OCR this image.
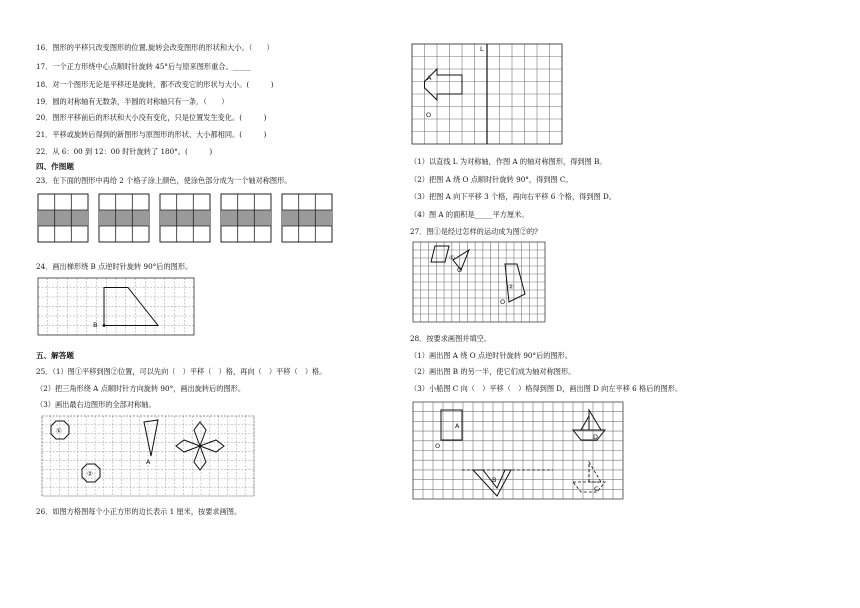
16．图形的平移只改变图形的位置,旋转会改变图形的形状和大小。（　　）
17．一个正方形绕中心点顺时针旋转 45°后与原来图形重合。_____
18．对一个图形无论是平移还是旋转，都不改变它的形状与大小。(　　　)
19．圆的对称轴有无数条，半圆的对称轴只有一条．（　　）
20．图形平移前后的形状和大小没有变化，只是位置发生变化。(　　　)
21．平移或旋转后得到的新图形与原图形的形状、大小都相同。(　　　)
22．从 6：00 到 12：00 时针旋转了 180°。(　　　)
四、作图题
23．在下面的图形中再给 2 个格子涂上颜色，使涂色部分成为一个轴对称图形。
24．画出梯形绕 B 点逆时针旋转 90°后的图形。
B
五、解答题
25．（1）图①平移到图②位置，可以先向（　）平移（　）格，再向（　）平移（　）格。
（2）把三角形绕 A 点顺时针方向旋转 90°，画出旋转后的图形。
（3）画出最右边图形的全部对称轴。
①
②
A
26．如图方格图每个小正方形的边长表示 1 厘米，按要求画图。
L
A
O
（1）以直线 L 为对称轴，作图 A 的轴对称图形，得到图 B。
（2）把图 A 绕 O 点顺时针旋转 90°，得到图 C。
（3）把图 A 向下平移 3 个格，再向右平移 6 个格，得到图 D。
（4）图 A 的面积是_____平方厘米。
27．图①是经过怎样的运动成为图②的?
①
O
②
O
28．按要求画图并填空。
（1）画出图 A 绕 O 点逆时针旋转 90°后的图形。
（2）画出图 B 的另一半，使它们成为轴对称图形。
（3）小船图 C 向（　）平移（　）格得到图 D，画出图 D 向左平移 6 格后的图形。
A
O
B
D
C
